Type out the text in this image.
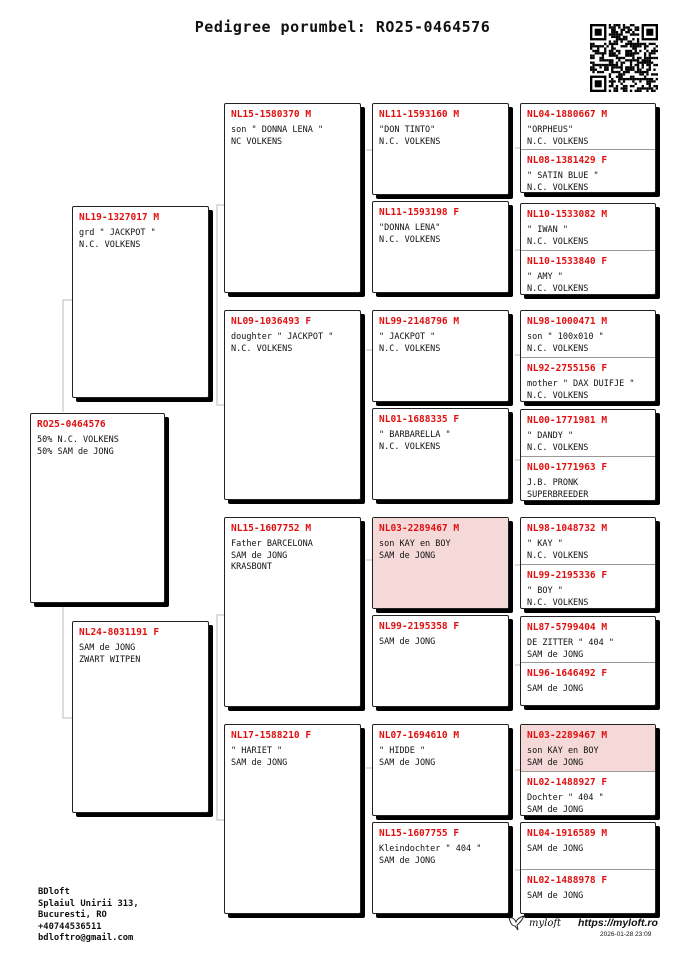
Pedigree porumbel: RO25-0464576
RO25-0464576
50% N.C. VOLKENS
50% SAM de JONG
NL19-1327017 M
grd " JACKPOT "
N.C. VOLKENS
NL24-8031191 F
SAM de JONG
ZWART WITPEN
NL15-1580370 M
son " DONNA LENA "
NC VOLKENS
NL09-1036493 F
doughter " JACKPOT "
N.C. VOLKENS
NL15-1607752 M
Father BARCELONA
SAM de JONG
KRASBONT
NL17-1588210 F
" HARIET "
SAM de JONG
NL11-1593160 M
"DON TINTO"
N.C. VOLKENS
NL11-1593198 F
"DONNA LENA"
N.C. VOLKENS
NL99-2148796 M
" JACKPOT "
N.C. VOLKENS
NL01-1688335 F
" BARBARELLA "
N.C. VOLKENS
NL03-2289467 M
son KAY en BOY
SAM de JONG
NL99-2195358 F
SAM de JONG
NL07-1694610 M
" HIDDE "
SAM de JONG
NL15-1607755 F
Kleindochter " 404 "
SAM de JONG
NL04-1880667 M
"ORPHEUS"
N.C. VOLKENS
NL08-1381429 F
" SATIN BLUE "
N.C. VOLKENS
NL10-1533082 M
" IWAN "
N.C. VOLKENS
NL10-1533840 F
" AMY "
N.C. VOLKENS
NL98-1000471 M
son " 100x010 "
N.C. VOLKENS
NL92-2755156 F
mother " DAX DUIFJE "
N.C. VOLKENS
NL00-1771981 M
" DANDY "
N.C. VOLKENS
NL00-1771963 F
J.B. PRONK
SUPERBREEDER
NL98-1048732 M
" KAY "
N.C. VOLKENS
NL99-2195336 F
" BOY "
N.C. VOLKENS
NL87-5799404 M
DE ZITTER " 404 "
SAM de JONG
NL96-1646492 F
SAM de JONG
NL03-2289467 M
son KAY en BOY
SAM de JONG
NL02-1488927 F
Dochter " 404 "
SAM de JONG
NL04-1916589 M
SAM de JONG
NL02-1488978 F
SAM de JONG
BDloft
Splaiul Unirii 313,
Bucuresti, RO
+40744536511
bdloftro@gmail.com
myloft https://myloft.ro
2026-01-28 23:09
